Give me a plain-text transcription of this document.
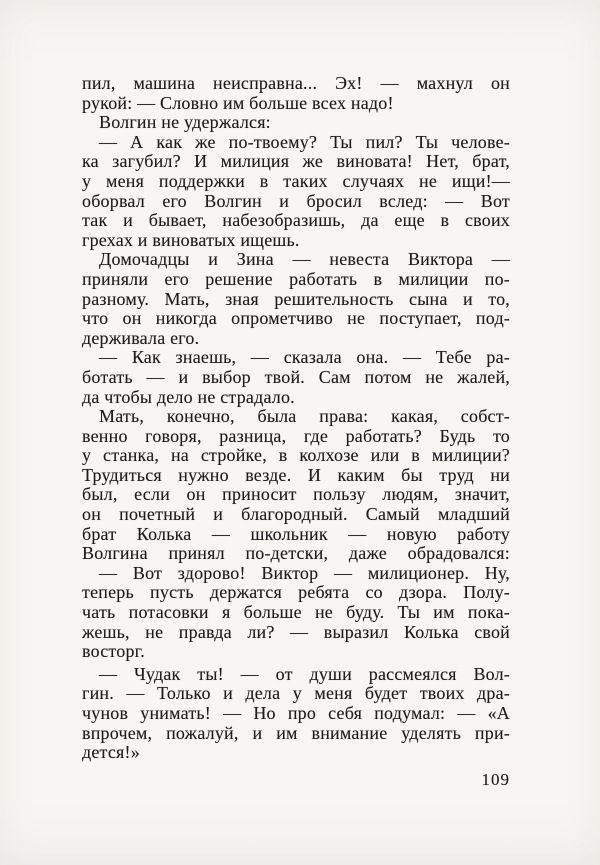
пил, машина неисправна... Эх! — махнул он
рукой: — Словно им больше всех надо!
Волгин не удержался:
— А как же по-твоему? Ты пил? Ты челове-
ка загубил? И милиция же виновата! Нет, брат,
у меня поддержки в таких случаях не ищи!—
оборвал его Волгин и бросил вслед: — Вот
так и бывает, набезобразишь, да еще в своих
грехах и виноватых ищешь.
Домочадцы и Зина — невеста Виктора —
приняли его решение работать в милиции по-
разному. Мать, зная решительность сына и то,
что он никогда опрометчиво не поступает, под-
держивала его.
— Как знаешь, — сказала она. — Тебе ра-
ботать — и выбор твой. Сам потом не жалей,
да чтобы дело не страдало.
Мать, конечно, была права: какая, собст-
венно говоря, разница, где работать? Будь то
у станка, на стройке, в колхозе или в милиции?
Трудиться нужно везде. И каким бы труд ни
был, если он приносит пользу людям, значит,
он почетный и благородный. Самый младший
брат Колька — школьник — новую работу
Волгина принял по-детски, даже обрадовался:
— Вот здорово! Виктор — милиционер. Ну,
теперь пусть держатся ребята со дзора. Полу-
чать потасовки я больше не буду. Ты им пока-
жешь, не правда ли? — выразил Колька свой
восторг.
— Чудак ты! — от души рассмеялся Вол-
гин. — Только и дела у меня будет твоих дра-
чунов унимать! — Но про себя подумал: — «А
впрочем, пожалуй, и им внимание уделять при-
дется!»
109
